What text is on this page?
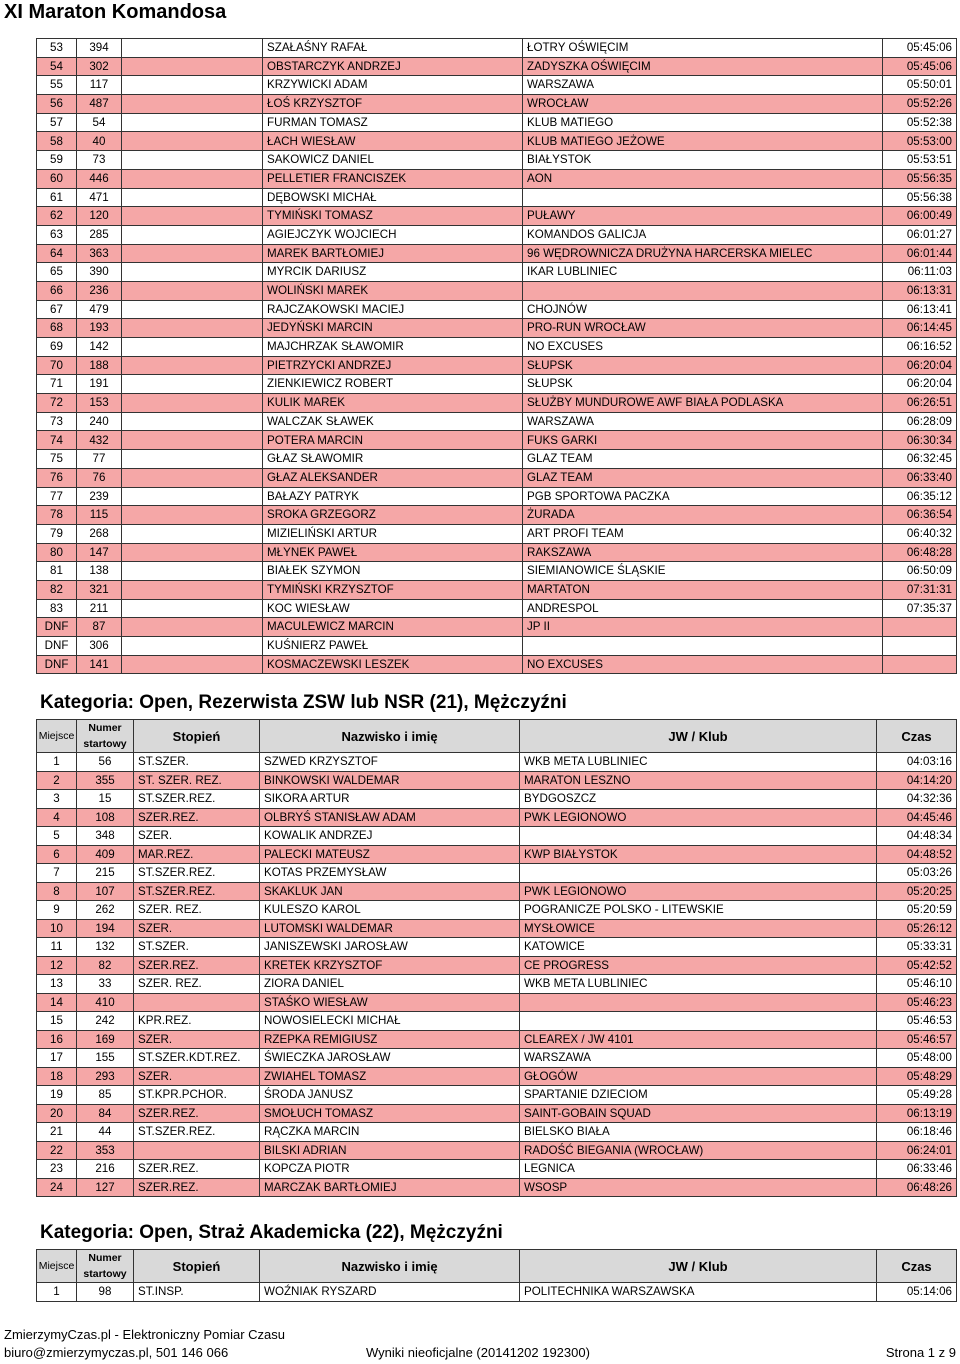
XI Maraton Komandosa
53	394		SZAŁAŚNY RAFAŁ	ŁOTRY OŚWIĘCIM	05:45:06
54	302		OBSTARCZYK ANDRZEJ	ZADYSZKA OŚWIĘCIM	05:45:06
55	117		KRZYWICKI ADAM	WARSZAWA	05:50:01
56	487		ŁOŚ KRZYSZTOF	WROCŁAW	05:52:26
57	54		FURMAN TOMASZ	KLUB MATIEGO	05:52:38
58	40		ŁACH WIESŁAW	KLUB MATIEGO JEŻOWE	05:53:00
59	73		SAKOWICZ DANIEL	BIAŁYSTOK	05:53:51
60	446		PELLETIER FRANCISZEK	AON	05:56:35
61	471		DĘBOWSKI MICHAŁ		05:56:38
62	120		TYMIŃSKI TOMASZ	PUŁAWY	06:00:49
63	285		AGIEJCZYK WOJCIECH	KOMANDOS GALICJA	06:01:27
64	363		MAREK BARTŁOMIEJ	96 WĘDROWNICZA DRUŻYNA HARCERSKA MIELEC	06:01:44
65	390		MYRCIK DARIUSZ	IKAR LUBLINIEC	06:11:03
66	236		WOLIŃSKI MAREK		06:13:31
67	479		RAJCZAKOWSKI MACIEJ	CHOJNÓW	06:13:41
68	193		JEDYŃSKI MARCIN	PRO-RUN WROCŁAW	06:14:45
69	142		MAJCHRZAK SŁAWOMIR	NO EXCUSES	06:16:52
70	188		PIETRZYCKI ANDRZEJ	SŁUPSK	06:20:04
71	191		ZIENKIEWICZ ROBERT	SŁUPSK	06:20:04
72	153		KULIK MAREK	SŁUŻBY MUNDUROWE AWF BIAŁA PODLASKA	06:26:51
73	240		WALCZAK SŁAWEK	WARSZAWA	06:28:09
74	432		POTERA MARCIN	FUKS GARKI	06:30:34
75	77		GŁAZ SŁAWOMIR	GLAZ TEAM	06:32:45
76	76		GŁAZ ALEKSANDER	GLAZ TEAM	06:33:40
77	239		BAŁAZY PATRYK	PGB SPORTOWA PACZKA	06:35:12
78	115		SROKA GRZEGORZ	ŻURADA	06:36:54
79	268		MIZIELIŃSKI ARTUR	ART PROFI TEAM	06:40:32
80	147		MŁYNEK PAWEŁ	RAKSZAWA	06:48:28
81	138		BIAŁEK SZYMON	SIEMIANOWICE ŚLĄSKIE	06:50:09
82	321		TYMIŃSKI KRZYSZTOF	MARTATON	07:31:31
83	211		KOC WIESŁAW	ANDRESPOL	07:35:37
DNF	87		MACULEWICZ MARCIN	JP II	
DNF	306		KUŚNIERZ PAWEŁ		
DNF	141		KOSMACZEWSKI LESZEK	NO EXCUSES	
Kategoria: Open, Rezerwista ZSW lub NSR (21), Mężczyźni
Miejsce	Numer startowy	Stopień	Nazwisko i imię	JW / Klub	Czas
1	56	ST.SZER.	SZWED KRZYSZTOF	WKB META LUBLINIEC	04:03:16
2	355	ST. SZER. REZ.	BINKOWSKI WALDEMAR	MARATON LESZNO	04:14:20
3	15	ST.SZER.REZ.	SIKORA ARTUR	BYDGOSZCZ	04:32:36
4	108	SZER.REZ.	OLBRYŚ STANISŁAW ADAM	PWK LEGIONOWO	04:45:46
5	348	SZER.	KOWALIK ANDRZEJ		04:48:34
6	409	MAR.REZ.	PALECKI MATEUSZ	KWP BIAŁYSTOK	04:48:52
7	215	ST.SZER.REZ.	KOTAS PRZEMYSŁAW		05:03:26
8	107	ST.SZER.REZ.	SKAKLUK JAN	PWK LEGIONOWO	05:20:25
9	262	SZER. REZ.	KULESZO KAROL	POGRANICZE POLSKO - LITEWSKIE	05:20:59
10	194	SZER.	LUTOMSKI WALDEMAR	MYSŁOWICE	05:26:12
11	132	ST.SZER.	JANISZEWSKI JAROSŁAW	KATOWICE	05:33:31
12	82	SZER.REZ.	KRETEK KRZYSZTOF	CE PROGRESS	05:42:52
13	33	SZER. REZ.	ZIORA DANIEL	WKB META LUBLINIEC	05:46:10
14	410		STAŚKO WIESŁAW		05:46:23
15	242	KPR.REZ.	NOWOSIELECKI MICHAŁ		05:46:53
16	169	SZER.	RZEPKA REMIGIUSZ	CLEAREX / JW 4101	05:46:57
17	155	ST.SZER.KDT.REZ.	ŚWIECZKA JAROSŁAW	WARSZAWA	05:48:00
18	293	SZER.	ZWIAHEL TOMASZ	GŁOGÓW	05:48:29
19	85	ST.KPR.PCHOR.	ŚRODA JANUSZ	SPARTANIE DZIECIOM	05:49:28
20	84	SZER.REZ.	SMOŁUCH TOMASZ	SAINT-GOBAIN SQUAD	06:13:19
21	44	ST.SZER.REZ.	RĄCZKA MARCIN	BIELSKO BIAŁA	06:18:46
22	353		BILSKI ADRIAN	RADOŚĆ BIEGANIA (WROCŁAW)	06:24:01
23	216	SZER.REZ.	KOPCZA PIOTR	LEGNICA	06:33:46
24	127	SZER.REZ.	MARCZAK BARTŁOMIEJ	WSOSP	06:48:26
Kategoria: Open, Straż Akademicka (22), Mężczyźni
Miejsce	Numer startowy	Stopień	Nazwisko i imię	JW / Klub	Czas
1	98	ST.INSP.	WOŹNIAK RYSZARD	POLITECHNIKA WARSZAWSKA	05:14:06
ZmierzymyCzas.pl - Elektroniczny Pomiar Czasu
biuro@zmierzymyczas.pl, 501 146 066	Wyniki nieoficjalne (20141202 192300)	Strona 1 z 9
